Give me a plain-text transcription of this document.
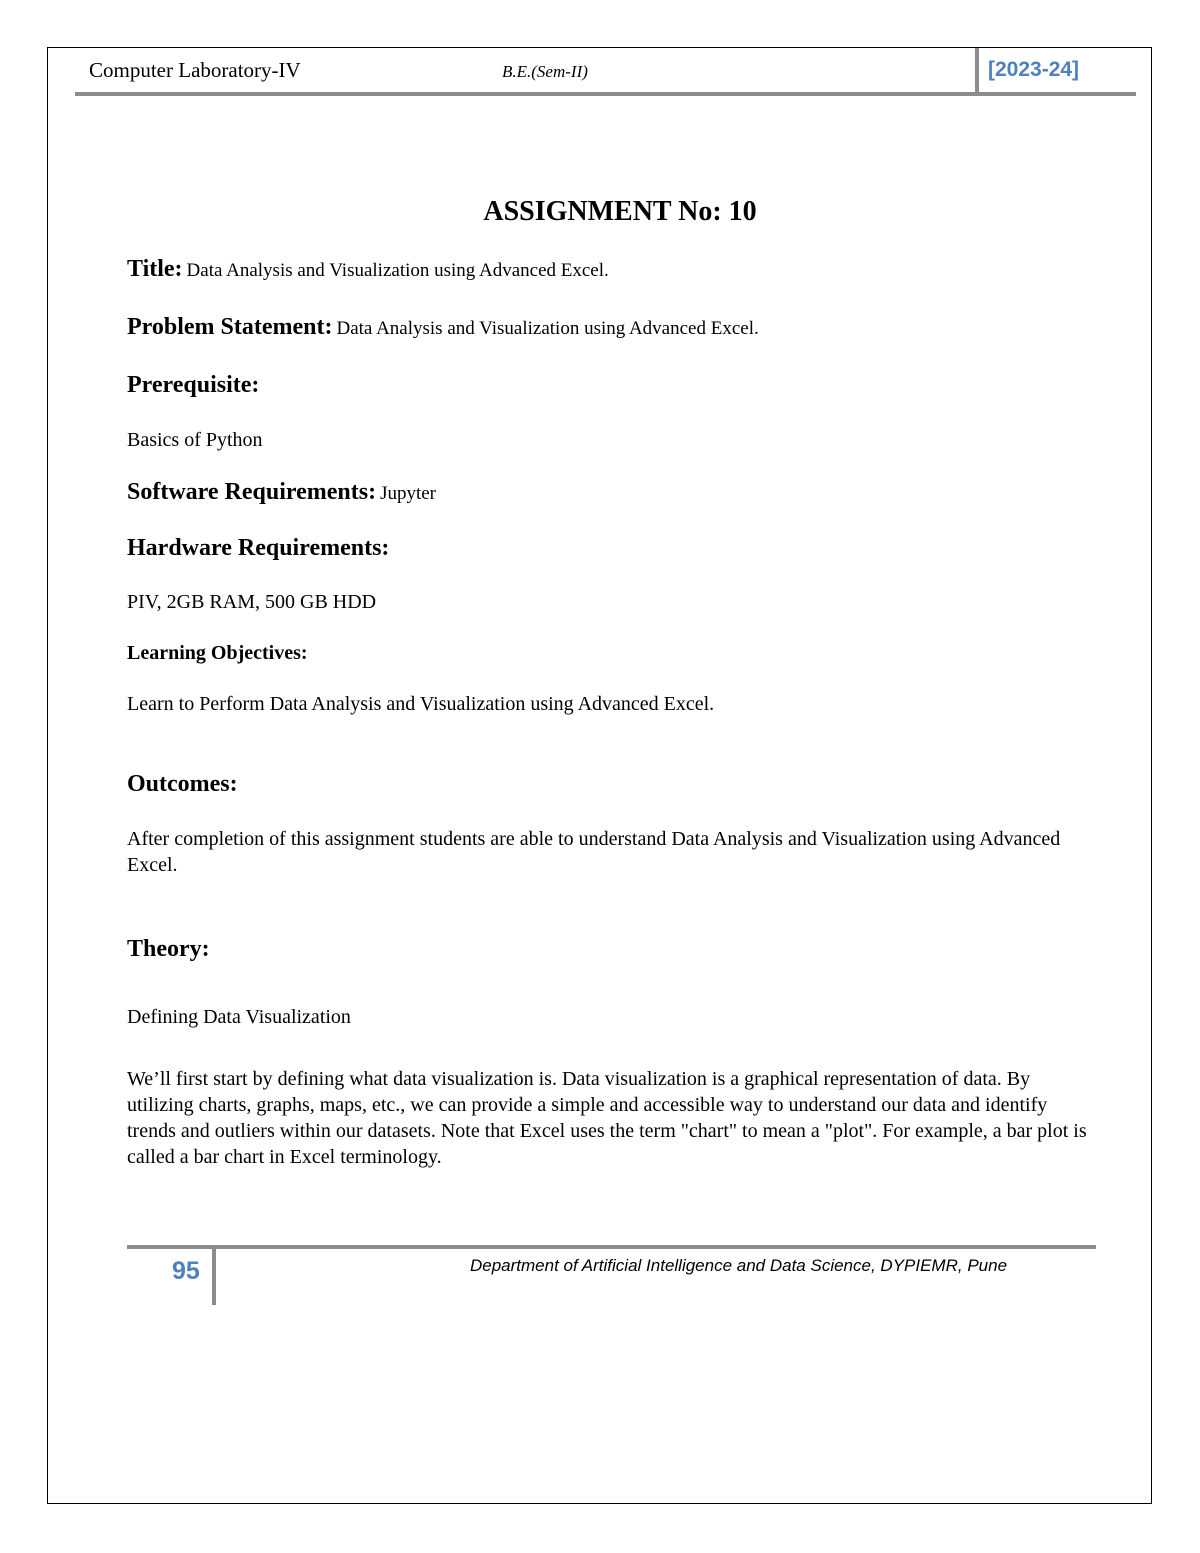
Computer Laboratory-IV	B.E.(Sem-II)	[2023-24]
ASSIGNMENT No: 10
Title: Data Analysis and Visualization using Advanced Excel.
Problem Statement: Data Analysis and Visualization using Advanced Excel.
Prerequisite:
Basics of Python
Software Requirements: Jupyter
Hardware Requirements:
PIV, 2GB RAM, 500 GB HDD
Learning Objectives:
Learn to Perform Data Analysis and Visualization using Advanced Excel.
Outcomes:
After completion of this assignment students are able to understand Data Analysis and Visualization using Advanced Excel.
Theory:
Defining Data Visualization
We’ll first start by defining what data visualization is. Data visualization is a graphical representation of data. By utilizing charts, graphs, maps, etc., we can provide a simple and accessible way to understand our data and identify trends and outliers within our datasets. Note that Excel uses the term "chart" to mean a "plot". For example, a bar plot is called a bar chart in Excel terminology.
95	Department of Artificial Intelligence and Data Science, DYPIEMR, Pune
